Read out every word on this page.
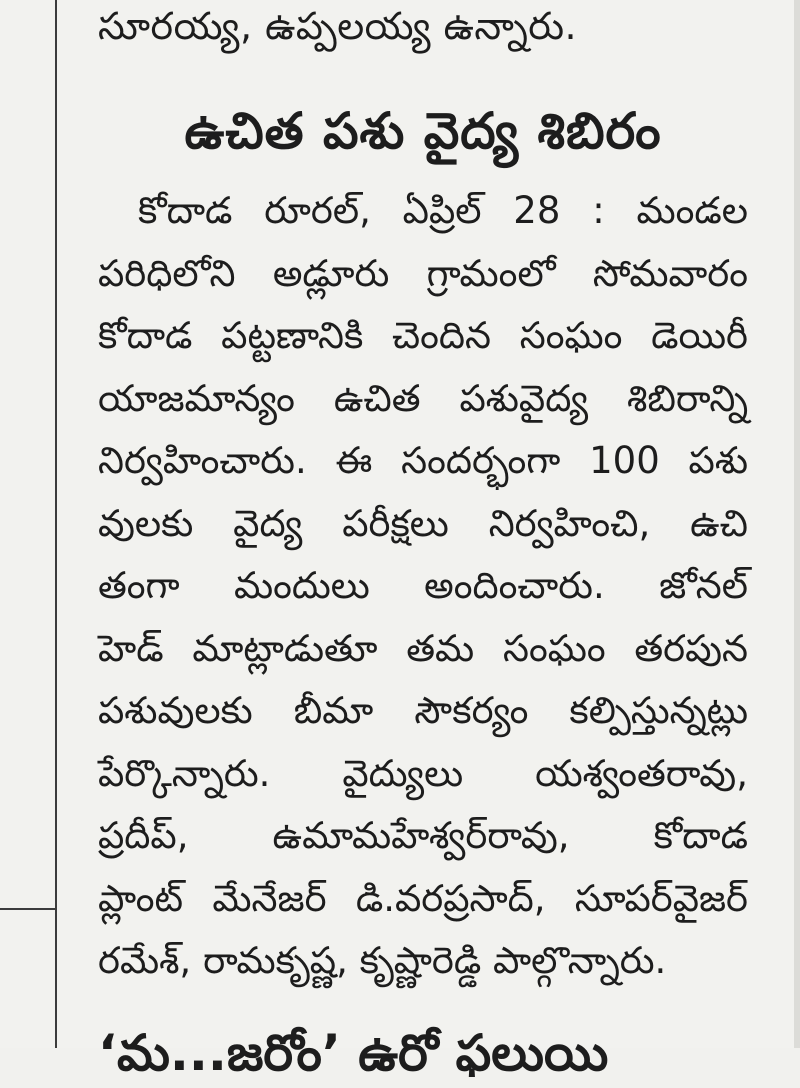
సూరయ్య, ఉప్పలయ్య ఉన్నారు.
ఉచిత పశు వైద్య శిబిరం
కోదాడ రూరల్, ఏప్రిల్ 28 : మండల
పరిధిలోని అడ్లూరు గ్రామంలో సోమవారం
కోదాడ పట్టణానికి చెందిన సంఘం డెయిరీ
యాజమాన్యం ఉచిత పశువైద్య శిబిరాన్ని
నిర్వహించారు. ఈ సందర్భంగా 100 పశు
వులకు వైద్య పరీక్షలు నిర్వహించి, ఉచి
తంగా మందులు అందించారు. జోనల్
హెడ్ మాట్లాడుతూ తమ సంఘం తరపున
పశువులకు బీమా సౌకర్యం కల్పిస్తున్నట్లు
పేర్కొన్నారు. వైద్యులు యశ్వంతరావు,
ప్రదీప్, ఉమామహేశ్వర్‌రావు, కోదాడ
ప్లాంట్ మేనేజర్ డి.వరప్రసాద్, సూపర్‌వైజర్
రమేశ్, రామకృష్ణ, కృష్ణారెడ్డి పాల్గొన్నారు.
‘మ...జరోం’ ఉరో ఫలుయి
